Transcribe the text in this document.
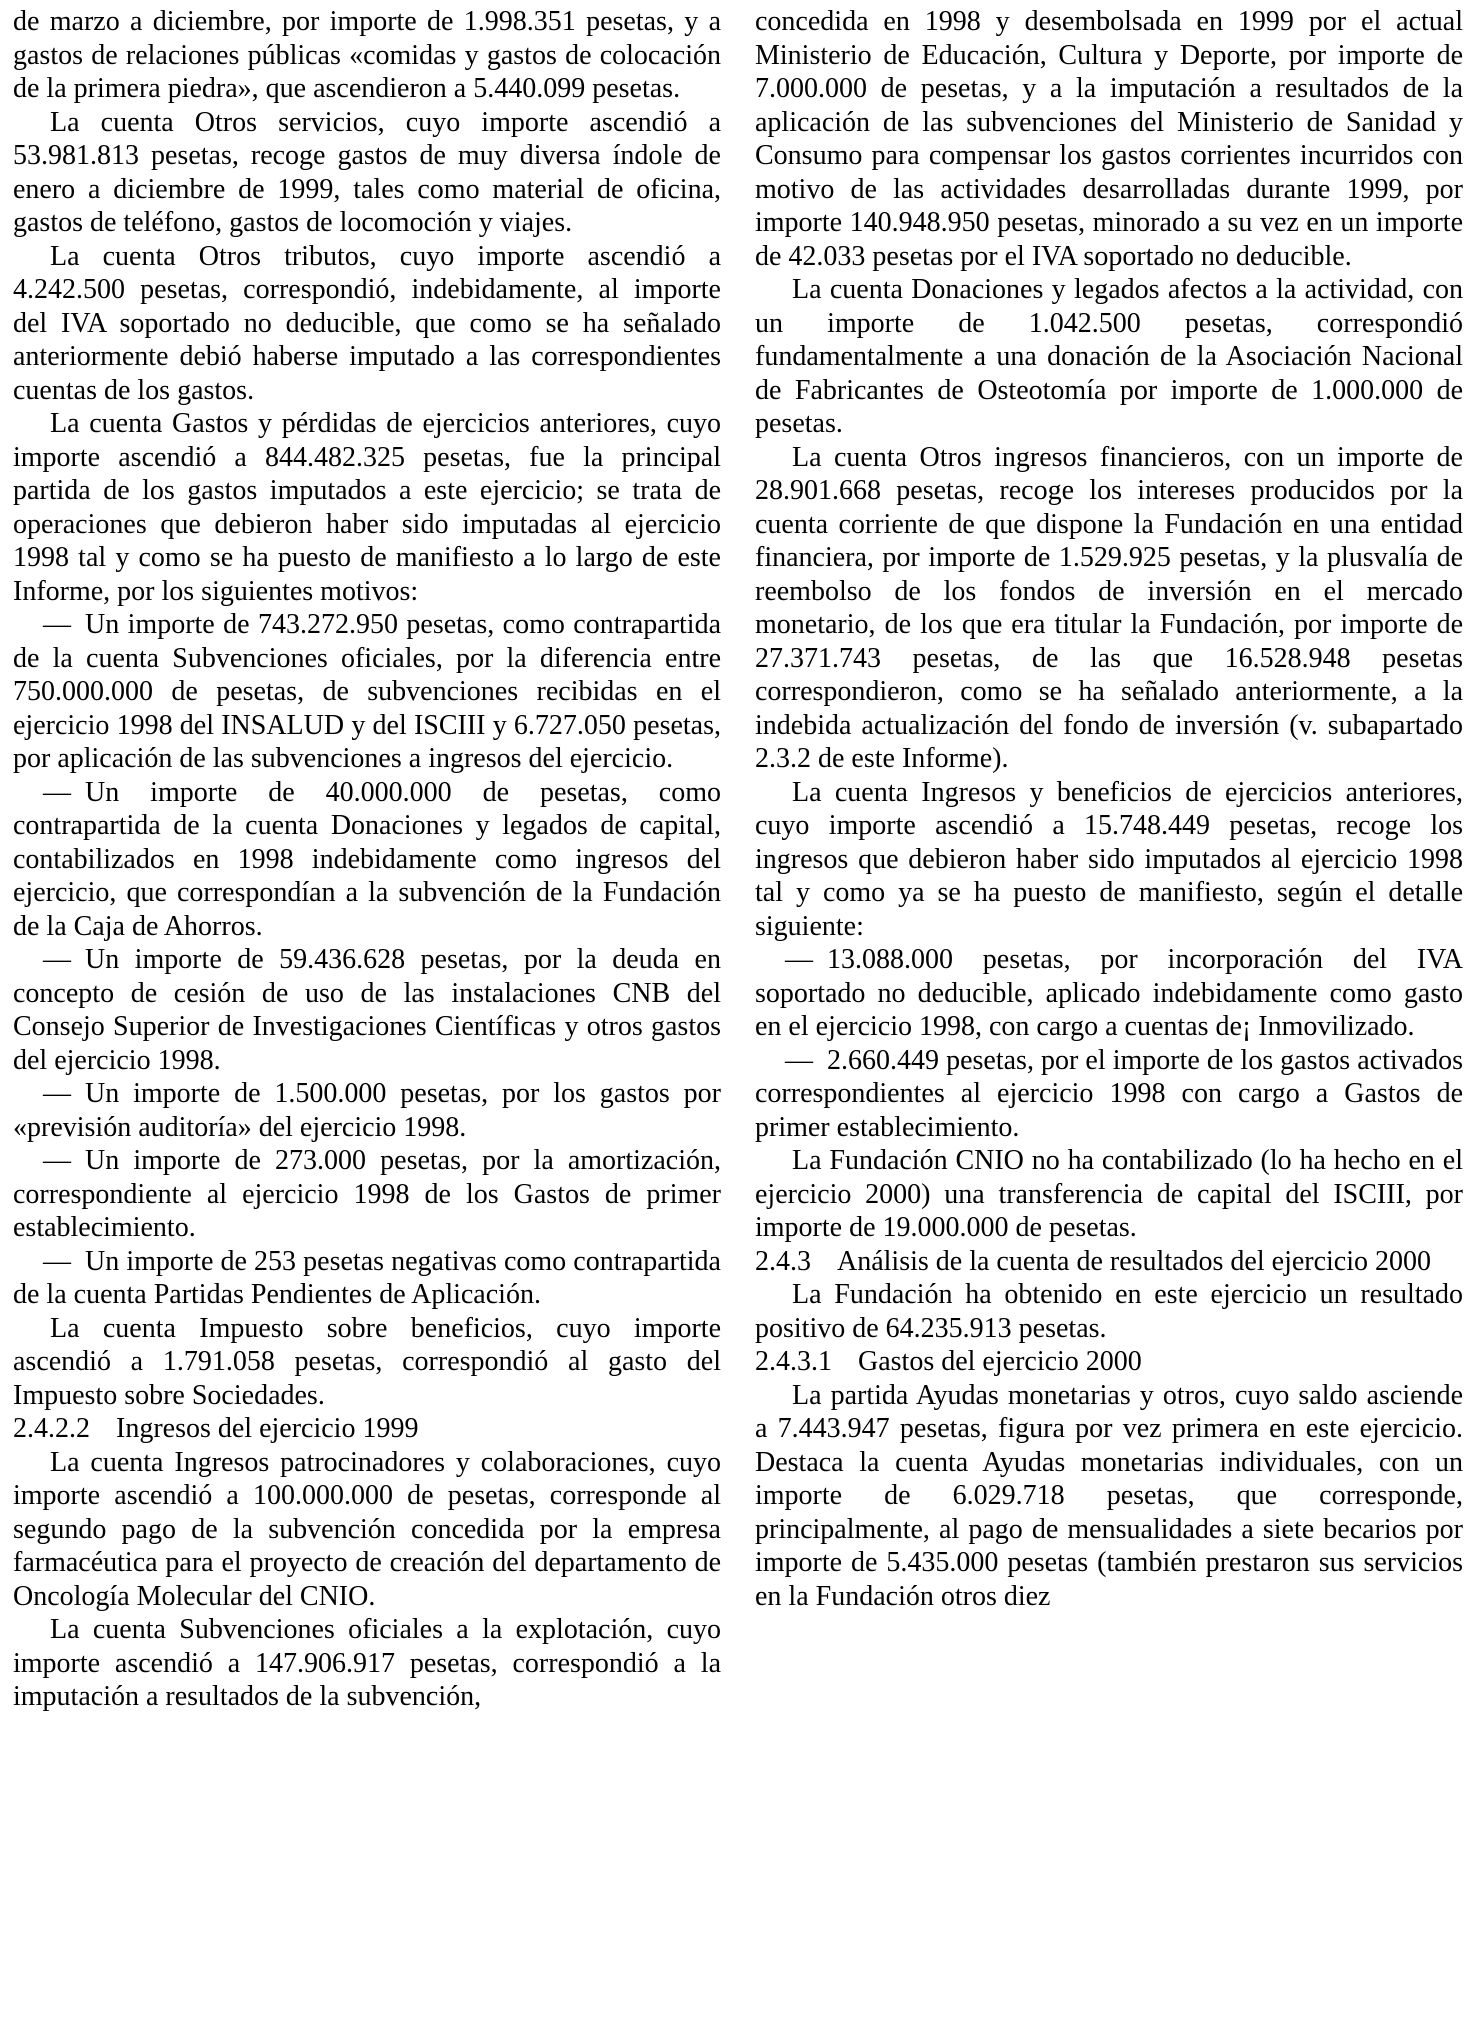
de marzo a diciembre, por importe de 1.998.351 pesetas, y a gastos de relaciones públicas «comidas y gastos de colocación de la primera piedra», que ascendieron a 5.440.099 pesetas.

La cuenta Otros servicios, cuyo importe ascendió a 53.981.813 pesetas, recoge gastos de muy diversa índole de enero a diciembre de 1999, tales como material de oficina, gastos de teléfono, gastos de locomoción y viajes.

La cuenta Otros tributos, cuyo importe ascendió a 4.242.500 pesetas, correspondió, indebidamente, al importe del IVA soportado no deducible, que como se ha señalado anteriormente debió haberse imputado a las correspondientes cuentas de los gastos.

La cuenta Gastos y pérdidas de ejercicios anteriores, cuyo importe ascendió a 844.482.325 pesetas, fue la principal partida de los gastos imputados a este ejercicio; se trata de operaciones que debieron haber sido imputadas al ejercicio 1998 tal y como se ha puesto de manifiesto a lo largo de este Informe, por los siguientes motivos:

— Un importe de 743.272.950 pesetas, como contrapartida de la cuenta Subvenciones oficiales, por la diferencia entre 750.000.000 de pesetas, de subvenciones recibidas en el ejercicio 1998 del INSALUD y del ISCIII y 6.727.050 pesetas, por aplicación de las subvenciones a ingresos del ejercicio.

— Un importe de 40.000.000 de pesetas, como contrapartida de la cuenta Donaciones y legados de capital, contabilizados en 1998 indebidamente como ingresos del ejercicio, que correspondían a la subvención de la Fundación de la Caja de Ahorros.

— Un importe de 59.436.628 pesetas, por la deuda en concepto de cesión de uso de las instalaciones CNB del Consejo Superior de Investigaciones Científicas y otros gastos del ejercicio 1998.

— Un importe de 1.500.000 pesetas, por los gastos por «previsión auditoría» del ejercicio 1998.

— Un importe de 273.000 pesetas, por la amortización, correspondiente al ejercicio 1998 de los Gastos de primer establecimiento.

— Un importe de 253 pesetas negativas como contrapartida de la cuenta Partidas Pendientes de Aplicación.

La cuenta Impuesto sobre beneficios, cuyo importe ascendió a 1.791.058 pesetas, correspondió al gasto del Impuesto sobre Sociedades.

2.4.2.2 Ingresos del ejercicio 1999

La cuenta Ingresos patrocinadores y colaboraciones, cuyo importe ascendió a 100.000.000 de pesetas, corresponde al segundo pago de la subvención concedida por la empresa farmacéutica para el proyecto de creación del departamento de Oncología Molecular del CNIO.

La cuenta Subvenciones oficiales a la explotación, cuyo importe ascendió a 147.906.917 pesetas, correspondió a la imputación a resultados de la subvención,

concedida en 1998 y desembolsada en 1999 por el actual Ministerio de Educación, Cultura y Deporte, por importe de 7.000.000 de pesetas, y a la imputación a resultados de la aplicación de las subvenciones del Ministerio de Sanidad y Consumo para compensar los gastos corrientes incurridos con motivo de las actividades desarrolladas durante 1999, por importe 140.948.950 pesetas, minorado a su vez en un importe de 42.033 pesetas por el IVA soportado no deducible.

La cuenta Donaciones y legados afectos a la actividad, con un importe de 1.042.500 pesetas, correspondió fundamentalmente a una donación de la Asociación Nacional de Fabricantes de Osteotomía por importe de 1.000.000 de pesetas.

La cuenta Otros ingresos financieros, con un importe de 28.901.668 pesetas, recoge los intereses producidos por la cuenta corriente de que dispone la Fundación en una entidad financiera, por importe de 1.529.925 pesetas, y la plusvalía de reembolso de los fondos de inversión en el mercado monetario, de los que era titular la Fundación, por importe de 27.371.743 pesetas, de las que 16.528.948 pesetas correspondieron, como se ha señalado anteriormente, a la indebida actualización del fondo de inversión (v. subapartado 2.3.2 de este Informe).

La cuenta Ingresos y beneficios de ejercicios anteriores, cuyo importe ascendió a 15.748.449 pesetas, recoge los ingresos que debieron haber sido imputados al ejercicio 1998 tal y como ya se ha puesto de manifiesto, según el detalle siguiente:

— 13.088.000 pesetas, por incorporación del IVA soportado no deducible, aplicado indebidamente como gasto en el ejercicio 1998, con cargo a cuentas de¡ Inmovilizado.

— 2.660.449 pesetas, por el importe de los gastos activados correspondientes al ejercicio 1998 con cargo a Gastos de primer establecimiento.

La Fundación CNIO no ha contabilizado (lo ha hecho en el ejercicio 2000) una transferencia de capital del ISCIII, por importe de 19.000.000 de pesetas.

2.4.3 Análisis de la cuenta de resultados del ejercicio 2000

La Fundación ha obtenido en este ejercicio un resultado positivo de 64.235.913 pesetas.

2.4.3.1 Gastos del ejercicio 2000

La partida Ayudas monetarias y otros, cuyo saldo asciende a 7.443.947 pesetas, figura por vez primera en este ejercicio. Destaca la cuenta Ayudas monetarias individuales, con un importe de 6.029.718 pesetas, que corresponde, principalmente, al pago de mensualidades a siete becarios por importe de 5.435.000 pesetas (también prestaron sus servicios en la Fundación otros diez
